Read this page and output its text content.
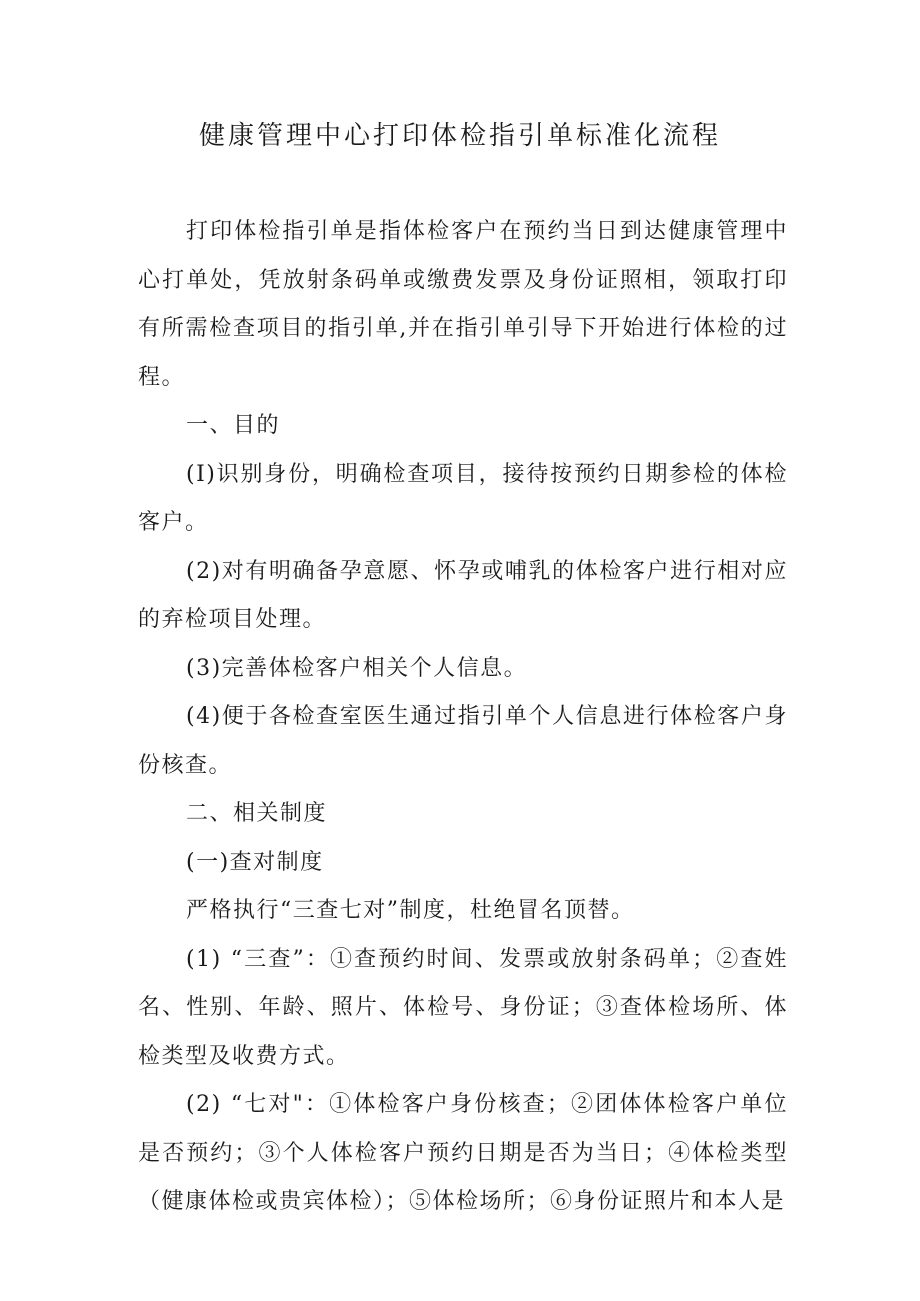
健康管理中心打印体检指引单标准化流程

打印体检指引单是指体检客户在预约当日到达健康管理中心打单处，凭放射条码单或缴费发票及身份证照相，领取打印有所需检查项目的指引单,并在指引单引导下开始进行体检的过程。

一、目的

(I)识别身份，明确检查项目，接待按预约日期参检的体检客户。

(2)对有明确备孕意愿、怀孕或哺乳的体检客户进行相对应的弃检项目处理。

(3)完善体检客户相关个人信息。

(4)便于各检查室医生通过指引单个人信息进行体检客户身份核查。

二、相关制度

(一)查对制度

严格执行“三查七对”制度，杜绝冒名顶替。

(1) “三查”：①查预约时间、发票或放射条码单；②查姓名、性别、年龄、照片、体检号、身份证；③查体检场所、体检类型及收费方式。

(2) “七对"：①体检客户身份核查；②团体体检客户单位是否预约；③个人体检客户预约日期是否为当日；④体检类型（健康体检或贵宾体检）；⑤体检场所；⑥身份证照片和本人是
